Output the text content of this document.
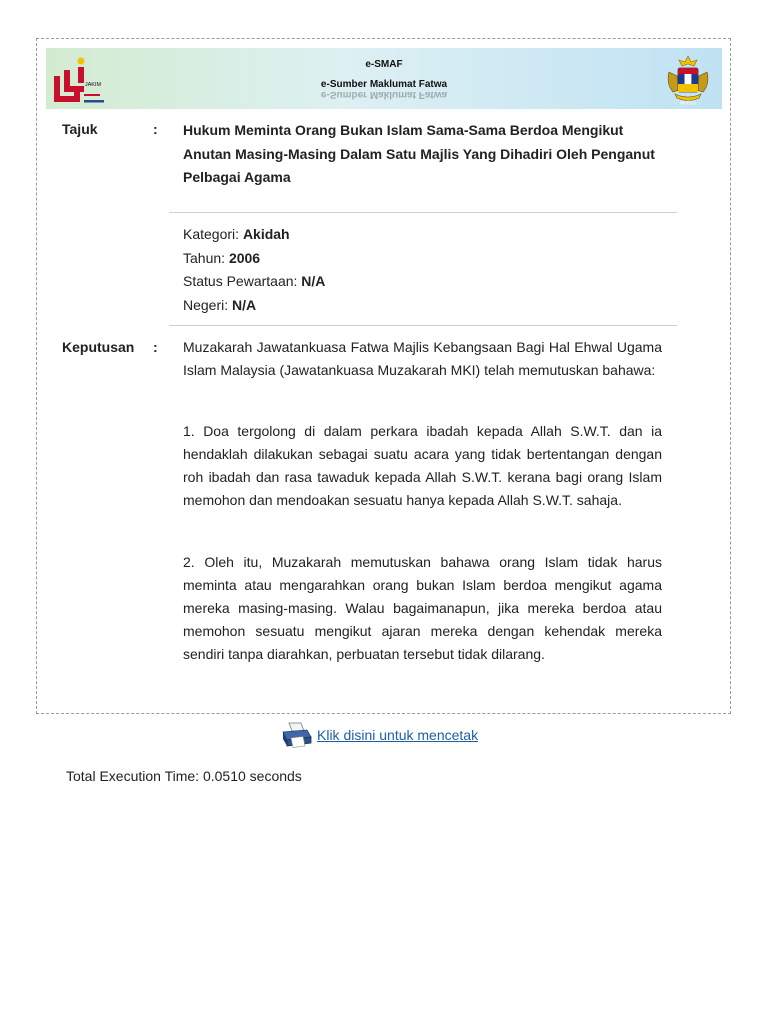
JAKIM
e-SMAF
e-Sumber Maklumat Fatwa e-Sumber Maklumat Fatwa
MyGov
Tajuk	: Hukum Meminta Orang Bukan Islam Sama-Sama Berdoa Mengikut Anutan Masing-Masing Dalam Satu Majlis Yang Dihadiri Oleh Penganut Pelbagai Agama
Kategori: Akidah
Tahun: 2006
Status Pewartaan: N/A
Negeri: N/A
Keputusan : Muzakarah Jawatankuasa Fatwa Majlis Kebangsaan Bagi Hal Ehwal Ugama Islam Malaysia (Jawatankuasa Muzakarah MKI) telah memutuskan bahawa:

1. Doa tergolong di dalam perkara ibadah kepada Allah S.W.T. dan ia hendaklah dilakukan sebagai suatu acara yang tidak bertentangan dengan roh ibadah dan rasa tawaduk kepada Allah S.W.T. kerana bagi orang Islam memohon dan mendoakan sesuatu hanya kepada Allah S.W.T. sahaja.

2. Oleh itu, Muzakarah memutuskan bahawa orang Islam tidak harus meminta atau mengarahkan orang bukan Islam berdoa mengikut agama mereka masing-masing. Walau bagaimanapun, jika mereka berdoa atau memohon sesuatu mengikut ajaran mereka dengan kehendak mereka sendiri tanpa diarahkan, perbuatan tersebut tidak dilarang.

Klik disini untuk mencetak
Total Execution Time: 0.0510 seconds
